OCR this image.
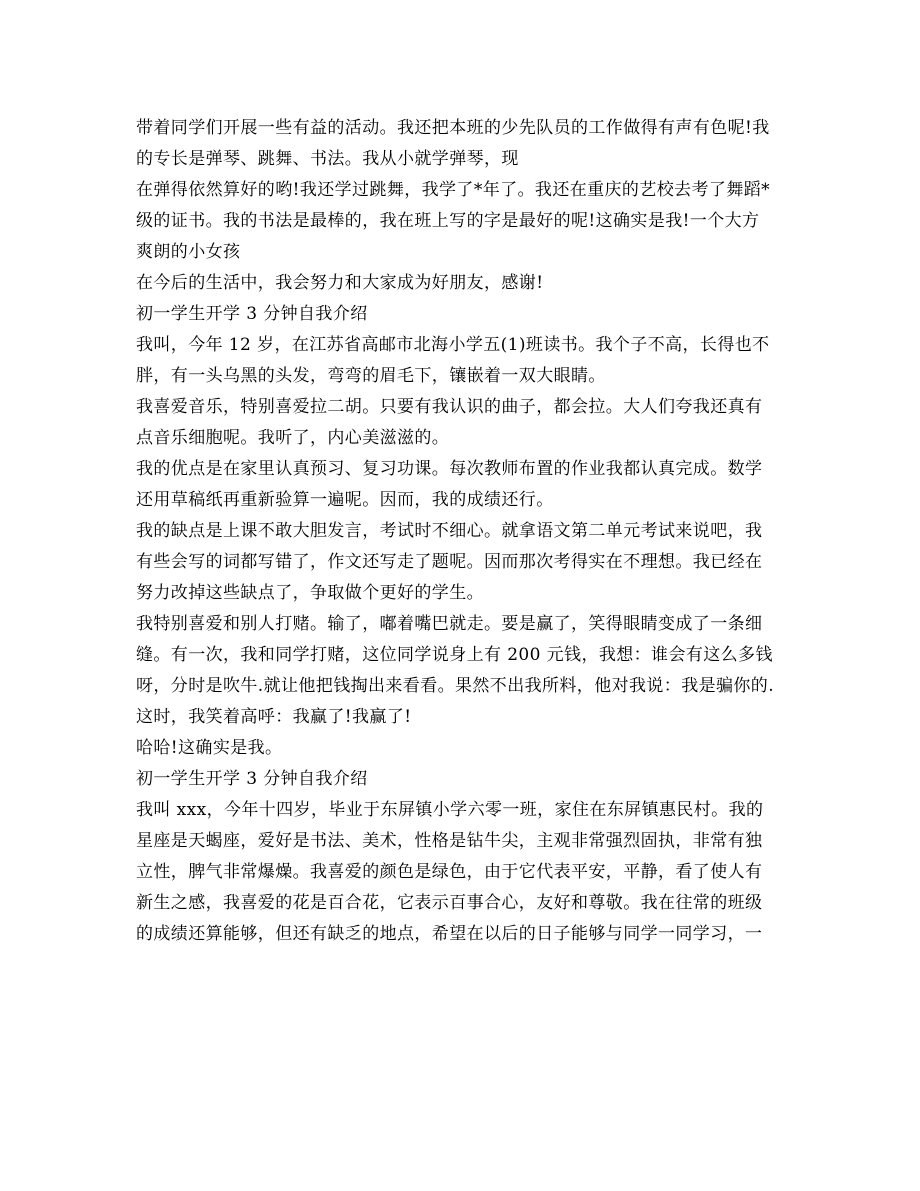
带着同学们开展一些有益的活动。我还把本班的少先队员的工作做得有声有色呢!我
的专长是弹琴、跳舞、书法。我从小就学弹琴，现

在弹得依然算好的哟!我还学过跳舞，我学了*年了。我还在重庆的艺校去考了舞蹈*
级的证书。我的书法是最棒的，我在班上写的字是最好的呢!这确实是我!一个大方
爽朗的小女孩

在今后的生活中，我会努力和大家成为好朋友，感谢!

初一学生开学 3 分钟自我介绍

我叫，今年 12 岁，在江苏省高邮市北海小学五(1)班读书。我个子不高，长得也不
胖，有一头乌黑的头发，弯弯的眉毛下，镶嵌着一双大眼睛。

我喜爱音乐，特别喜爱拉二胡。只要有我认识的曲子，都会拉。大人们夸我还真有
点音乐细胞呢。我听了，内心美滋滋的。

我的优点是在家里认真预习、复习功课。每次教师布置的作业我都认真完成。数学
还用草稿纸再重新验算一遍呢。因而，我的成绩还行。

我的缺点是上课不敢大胆发言，考试时不细心。就拿语文第二单元考试来说吧，我
有些会写的词都写错了，作文还写走了题呢。因而那次考得实在不理想。我已经在
努力改掉这些缺点了，争取做个更好的学生。

我特别喜爱和别人打赌。输了，嘟着嘴巴就走。要是赢了，笑得眼睛变成了一条细
缝。有一次，我和同学打赌，这位同学说身上有 200 元钱，我想：谁会有这么多钱
呀，分时是吹牛.就让他把钱掏出来看看。果然不出我所料，他对我说：我是骗你的.
这时，我笑着高呼：我赢了!我赢了!

哈哈!这确实是我。

初一学生开学 3 分钟自我介绍

我叫 xxx，今年十四岁，毕业于东屏镇小学六零一班，家住在东屏镇惠民村。我的
星座是天蝎座，爱好是书法、美术，性格是钻牛尖，主观非常强烈固执，非常有独
立性，脾气非常爆燥。我喜爱的颜色是绿色，由于它代表平安，平静，看了使人有
新生之感，我喜爱的花是百合花，它表示百事合心，友好和尊敬。我在往常的班级
的成绩还算能够，但还有缺乏的地点，希望在以后的日子能够与同学一同学习，一
